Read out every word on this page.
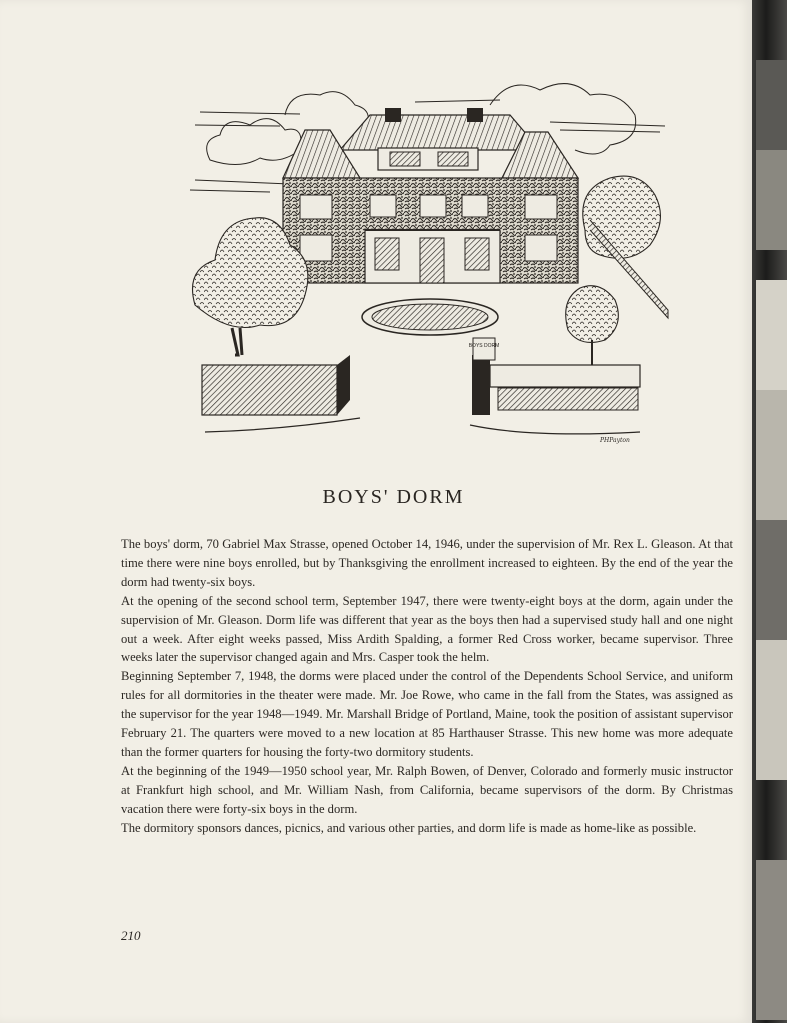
BOYS DORM
PHPayton
BOYS' DORM

The boys' dorm, 70 Gabriel Max Strasse, opened October 14, 1946, under the supervision of Mr. Rex L. Gleason. At that time there were nine boys enrolled, but by Thanksgiving the enrollment increased to eighteen. By the end of the year the dorm had twenty-six boys.

At the opening of the second school term, September 1947, there were twenty-eight boys at the dorm, again under the supervision of Mr. Gleason. Dorm life was different that year as the boys then had a supervised study hall and one night out a week. After eight weeks passed, Miss Ardith Spalding, a former Red Cross worker, became supervisor. Three weeks later the supervisor changed again and Mrs. Casper took the helm.

Beginning September 7, 1948, the dorms were placed under the control of the Dependents School Service, and uniform rules for all dormitories in the theater were made. Mr. Joe Rowe, who came in the fall from the States, was assigned as the supervisor for the year 1948—1949. Mr. Marshall Bridge of Portland, Maine, took the position of assistant supervisor February 21. The quarters were moved to a new location at 85 Harthauser Strasse. This new home was more adequate than the former quarters for housing the forty-two dormitory students.

At the beginning of the 1949—1950 school year, Mr. Ralph Bowen, of Denver, Colorado and formerly music instructor at Frankfurt high school, and Mr. William Nash, from California, became supervisors of the dorm. By Christmas vacation there were forty-six boys in the dorm.

The dormitory sponsors dances, picnics, and various other parties, and dorm life is made as home-like as possible.

210
